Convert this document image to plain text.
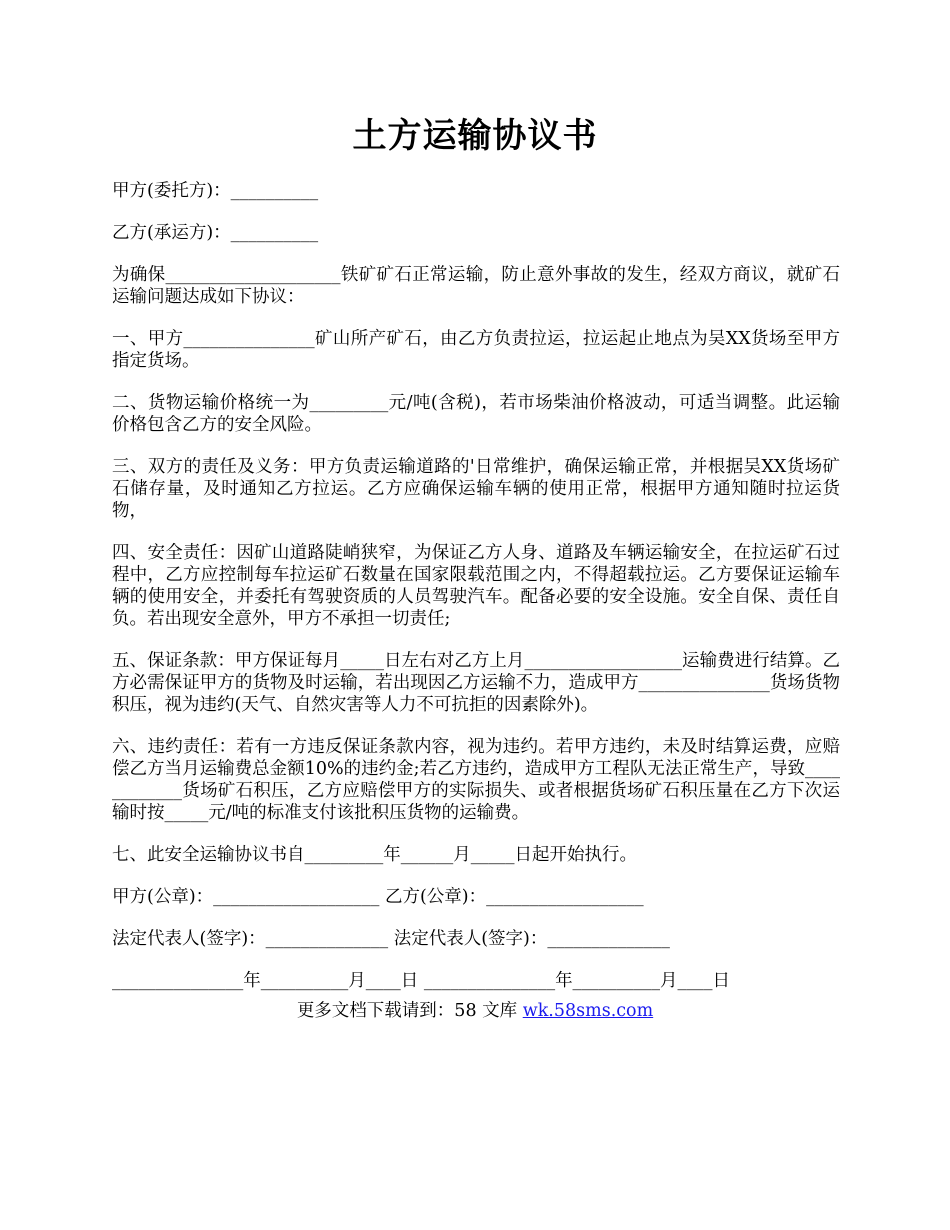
土方运输协议书

甲方(委托方)：__________

乙方(承运方)：__________

为确保____________________铁矿矿石正常运输，防止意外事故的发生，经双方商议，就矿石运输问题达成如下协议：

一、甲方_______________矿山所产矿石，由乙方负责拉运，拉运起止地点为吴XX货场至甲方指定货场。

二、货物运输价格统一为_________元/吨(含税)，若市场柴油价格波动，可适当调整。此运输价格包含乙方的安全风险。

三、双方的责任及义务：甲方负责运输道路的'日常维护，确保运输正常，并根据吴XX货场矿石储存量，及时通知乙方拉运。乙方应确保运输车辆的使用正常，根据甲方通知随时拉运货物，

四、安全责任：因矿山道路陡峭狭窄，为保证乙方人身、道路及车辆运输安全，在拉运矿石过程中，乙方应控制每车拉运矿石数量在国家限载范围之内，不得超载拉运。乙方要保证运输车辆的使用安全，并委托有驾驶资质的人员驾驶汽车。配备必要的安全设施。安全自保、责任自负。若出现安全意外，甲方不承担一切责任;

五、保证条款：甲方保证每月_____日左右对乙方上月__________________运输费进行结算。乙方必需保证甲方的货物及时运输，若出现因乙方运输不力，造成甲方_______________货场货物积压，视为违约(天气、自然灾害等人力不可抗拒的因素除外)。

六、违约责任：若有一方违反保证条款内容，视为违约。若甲方违约，未及时结算运费，应赔偿乙方当月运输费总金额10%的违约金;若乙方违约，造成甲方工程队无法正常生产，导致____________货场矿石积压，乙方应赔偿甲方的实际损失、或者根据货场矿石积压量在乙方下次运输时按_____元/吨的标准支付该批积压货物的运输费。

七、此安全运输协议书自_________年______月_____日起开始执行。

甲方(公章)：___________________ 乙方(公章)：__________________

法定代表人(签字)：______________ 法定代表人(签字)：______________

_______________年__________月____日 _______________年__________月____日

更多文档下载请到：58 文库 wk.58sms.com
